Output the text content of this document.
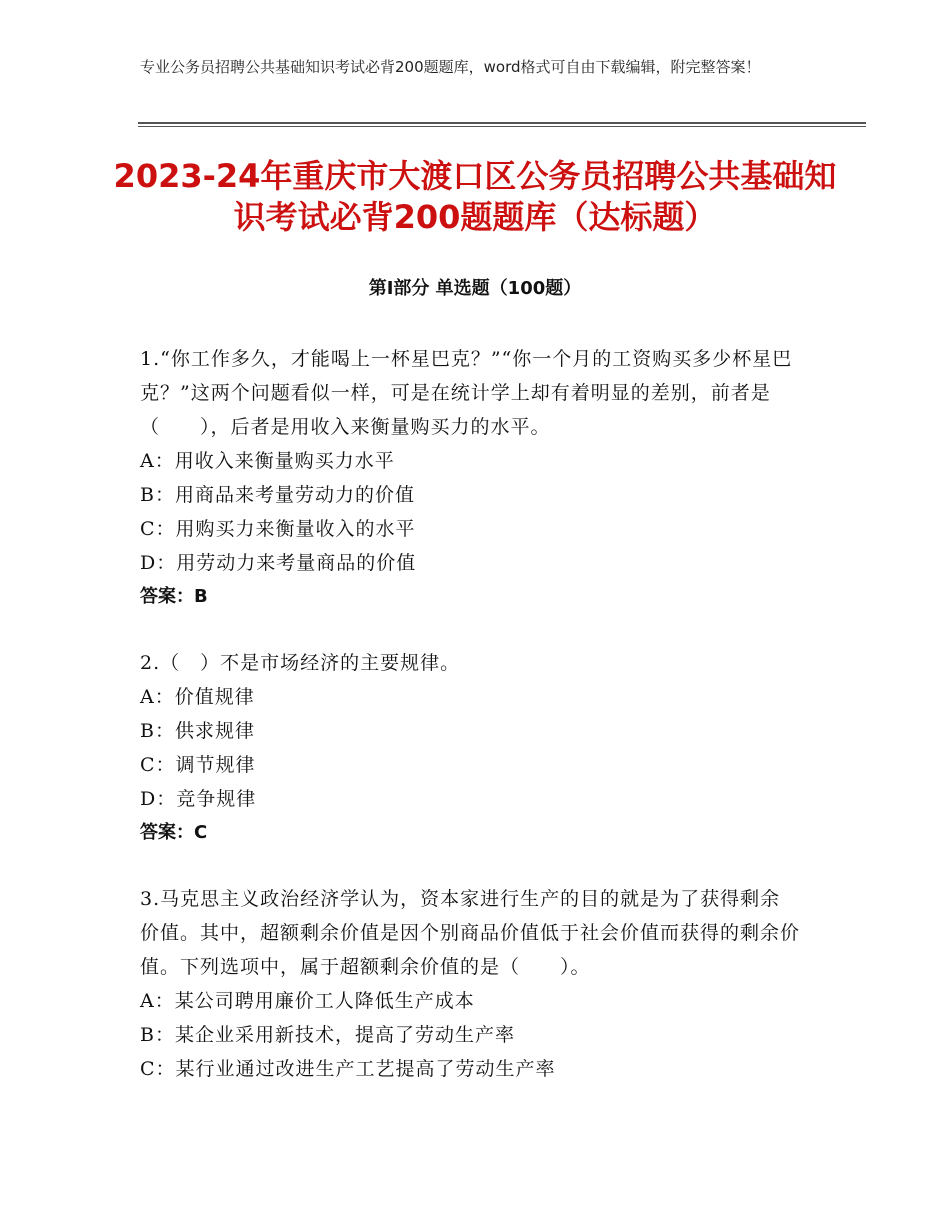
专业公务员招聘公共基础知识考试必背200题题库，word格式可自由下载编辑，附完整答案！
2023-24年重庆市大渡口区公务员招聘公共基础知识考试必背200题题库（达标题）
第Ⅰ部分 单选题（100题）

1.“你工作多久，才能喝上一杯星巴克？”“你一个月的工资购买多少杯星巴克？”这两个问题看似一样，可是在统计学上却有着明显的差别，前者是（　　），后者是用收入来衡量购买力的水平。

A：用收入来衡量购买力水平

B：用商品来考量劳动力的价值

C：用购买力来衡量收入的水平

D：用劳动力来考量商品的价值

答案：B

2.（　）不是市场经济的主要规律。

A：价值规律

B：供求规律

C：调节规律

D：竞争规律

答案：C

3.马克思主义政治经济学认为，资本家进行生产的目的就是为了获得剩余价值。其中，超额剩余价值是因个别商品价值低于社会价值而获得的剩余价值。下列选项中，属于超额剩余价值的是（　　）。

A：某公司聘用廉价工人降低生产成本

B：某企业采用新技术，提高了劳动生产率

C：某行业通过改进生产工艺提高了劳动生产率
